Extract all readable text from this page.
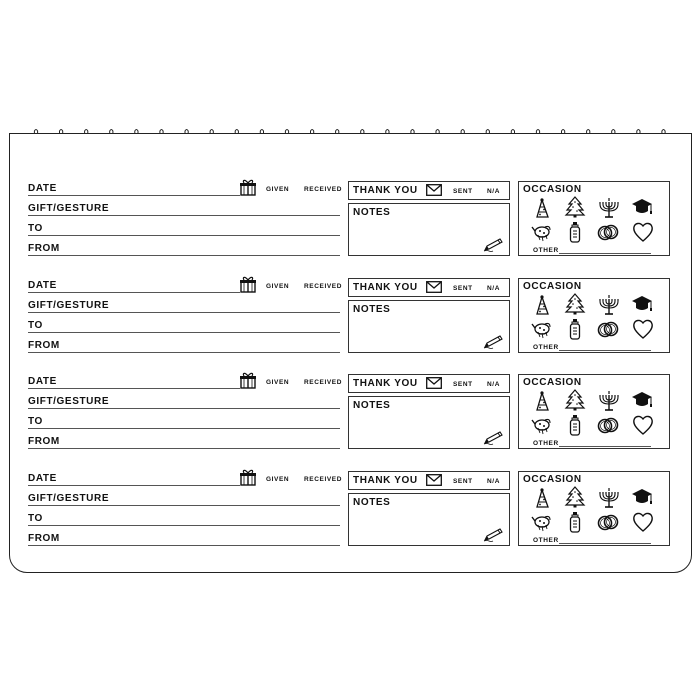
DATE	GIVEN RECEIVED
GIFT/GESTURE
TO
FROM
THANK YOU	SENT N/A
NOTES
OCCASION
OTHER
DATE	GIVEN RECEIVED
GIFT/GESTURE
TO
FROM
THANK YOU	SENT N/A
NOTES
OCCASION
OTHER
DATE	GIVEN RECEIVED
GIFT/GESTURE
TO
FROM
THANK YOU	SENT N/A
NOTES
OCCASION
OTHER
DATE	GIVEN RECEIVED
GIFT/GESTURE
TO
FROM
THANK YOU	SENT N/A
NOTES
OCCASION
OTHER
